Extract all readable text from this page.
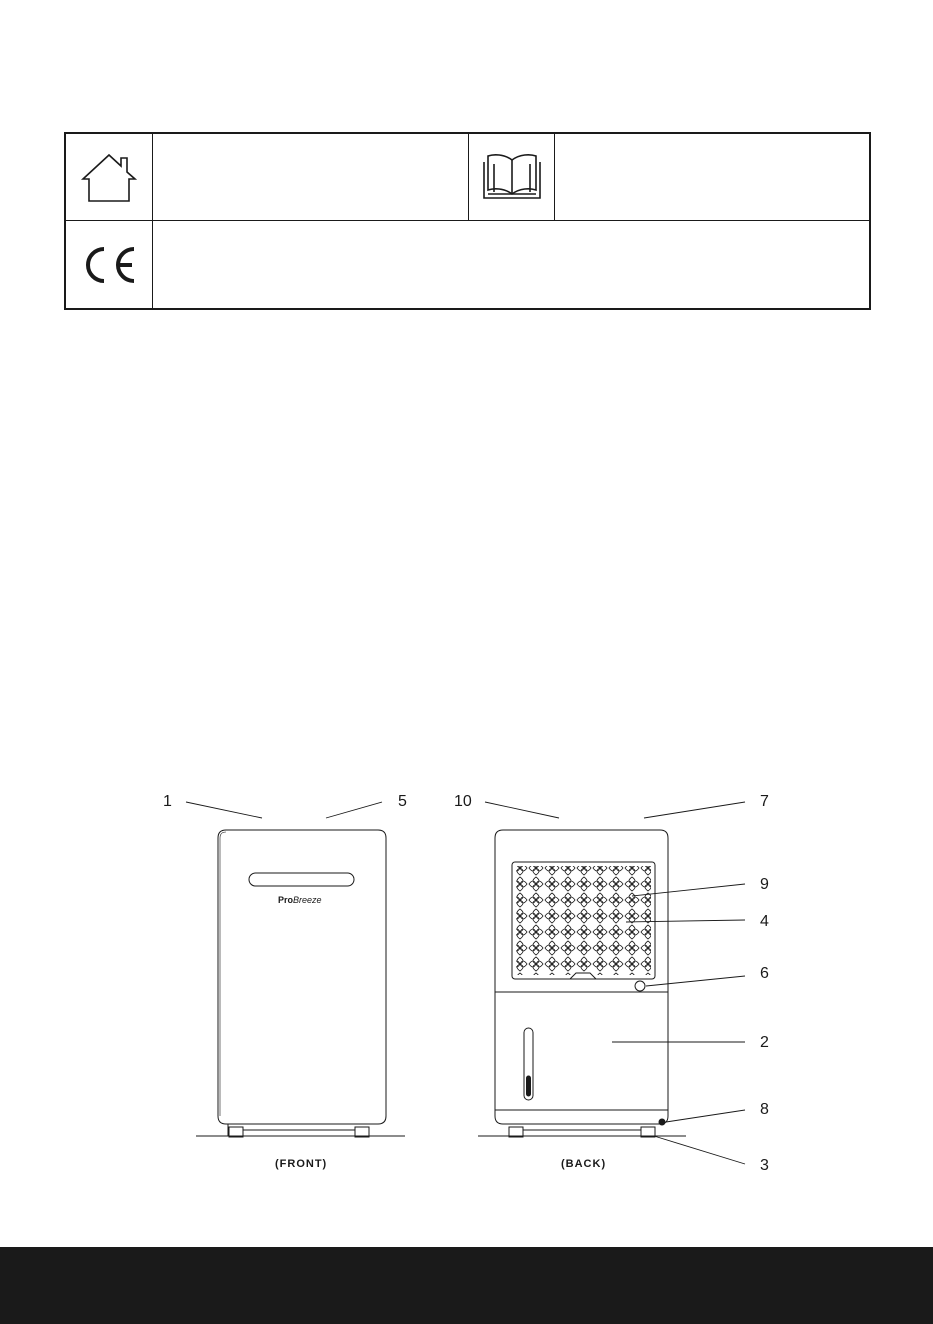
ProBreeze
1	5	10	7
9
4
6
2
8
3
(FRONT)	(BACK)
